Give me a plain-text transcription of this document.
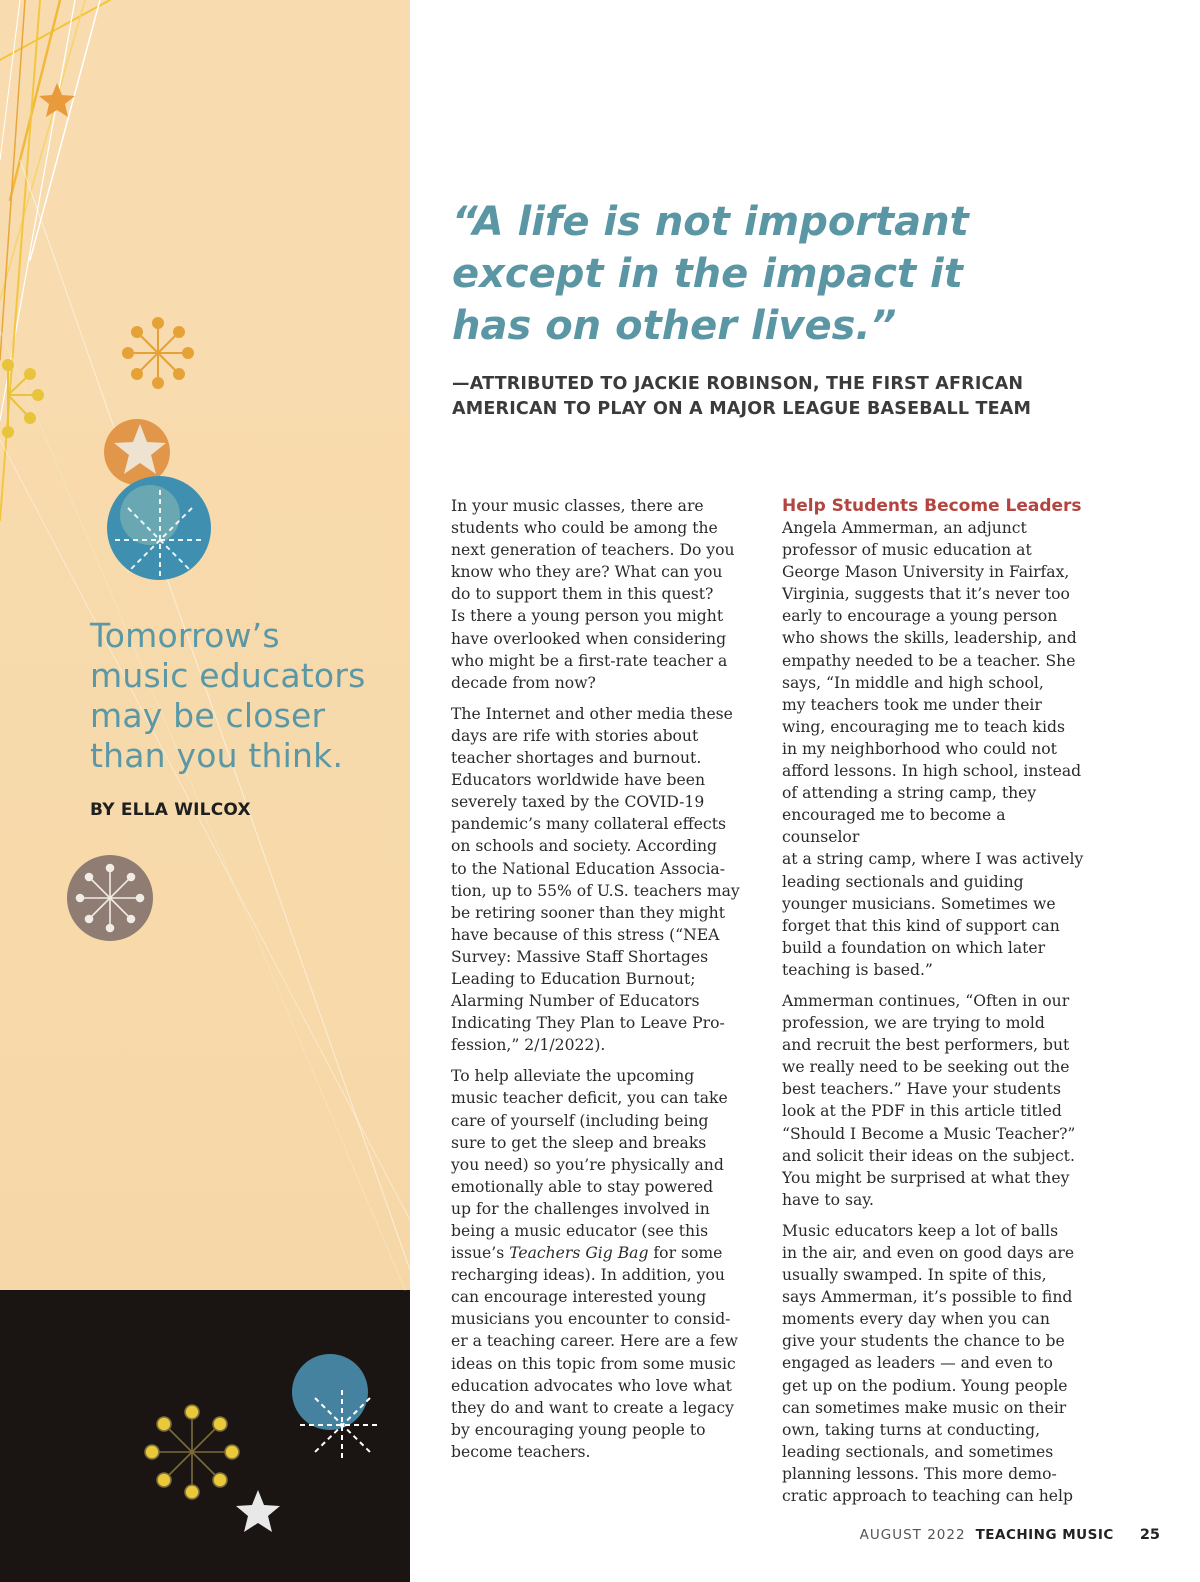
Tomorrow’s
music educators
may be closer
than you think.
BY ELLA WILCOX
“A life is not important
except in the impact it
has on other lives.”
—ATTRIBUTED TO JACKIE ROBINSON, THE FIRST AFRICAN
AMERICAN TO PLAY ON A MAJOR LEAGUE BASEBALL TEAM

In your music classes, there are
students who could be among the
next generation of teachers. Do you
know who they are? What can you
do to support them in this quest?
Is there a young person you might
have overlooked when considering
who might be a first-rate teacher a
decade from now?

The Internet and other media these
days are rife with stories about
teacher shortages and burnout.
Educators worldwide have been
severely taxed by the COVID-19
pandemic’s many collateral effects
on schools and society. According
to the National Education Associa-
tion, up to 55% of U.S. teachers may
be retiring sooner than they might
have because of this stress (“NEA
Survey: Massive Staff Shortages
Leading to Education Burnout;
Alarming Number of Educators
Indicating They Plan to Leave Pro-
fession,” 2/1/2022).

To help alleviate the upcoming
music teacher deficit, you can take
care of yourself (including being
sure to get the sleep and breaks
you need) so you’re physically and
emotionally able to stay powered
up for the challenges involved in
being a music educator (see this
issue’s Teachers Gig Bag for some
recharging ideas). In addition, you
can encourage interested young
musicians you encounter to consid-
er a teaching career. Here are a few
ideas on this topic from some music
education advocates who love what
they do and want to create a legacy
by encouraging young people to
become teachers.

Help Students Become Leaders

Angela Ammerman, an adjunct
professor of music education at
George Mason University in Fairfax,
Virginia, suggests that it’s never too
early to encourage a young person
who shows the skills, leadership, and
empathy needed to be a teacher. She
says, “In middle and high school,
my teachers took me under their
wing, encouraging me to teach kids
in my neighborhood who could not
afford lessons. In high school, instead
of attending a string camp, they
encouraged me to become a counselor
at a string camp, where I was actively
leading sectionals and guiding
younger musicians. Sometimes we
forget that this kind of support can
build a foundation on which later
teaching is based.”

Ammerman continues, “Often in our
profession, we are trying to mold
and recruit the best performers, but
we really need to be seeking out the
best teachers.” Have your students
look at the PDF in this article titled
“Should I Become a Music Teacher?”
and solicit their ideas on the subject.
You might be surprised at what they
have to say.

Music educators keep a lot of balls
in the air, and even on good days are
usually swamped. In spite of this,
says Ammerman, it’s possible to find
moments every day when you can
give your students the chance to be
engaged as leaders — and even to
get up on the podium. Young people
can sometimes make music on their
own, taking turns at conducting,
leading sectionals, and sometimes
planning lessons. This more demo-
cratic approach to teaching can help

AUGUST 2022 TEACHING MUSIC 25
